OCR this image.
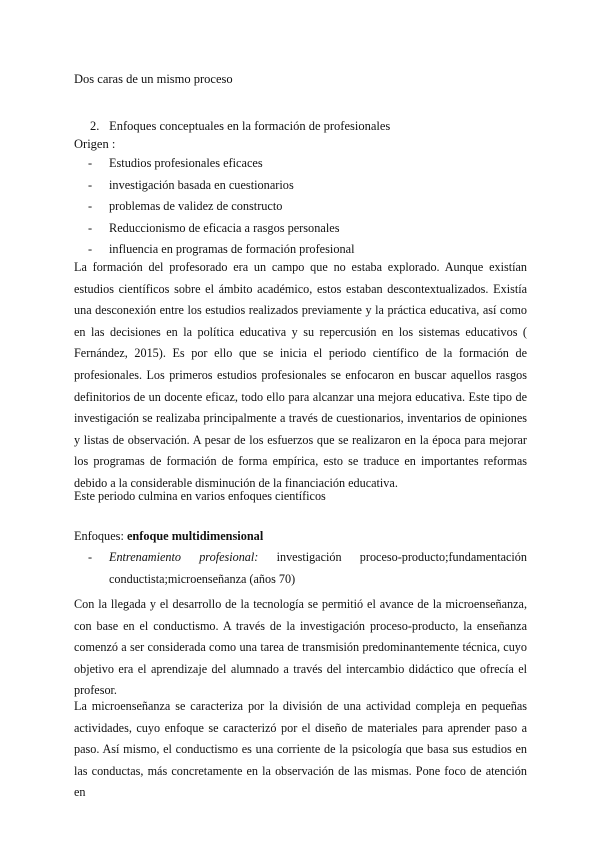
Dos caras de un mismo proceso
2. Enfoques conceptuales en la formación de profesionales
Origen :
- Estudios profesionales eficaces
- investigación basada en cuestionarios
- problemas de validez de constructo
- Reduccionismo de eficacia a rasgos personales
- influencia en programas de formación profesional

La formación del profesorado era un campo que no estaba explorado. Aunque existían estudios científicos sobre el ámbito académico, estos estaban descontextualizados. Existía una desconexión entre los estudios realizados previamente y la práctica educativa, así como en las decisiones en la política educativa y su repercusión en los sistemas educativos ( Fernández, 2015). Es por ello que se inicia el periodo científico de la formación de profesionales. Los primeros estudios profesionales se enfocaron en buscar aquellos rasgos definitorios de un docente eficaz, todo ello para alcanzar una mejora educativa. Este tipo de investigación se realizaba principalmente a través de cuestionarios, inventarios de opiniones y listas de observación. A pesar de los esfuerzos que se realizaron en la época para mejorar los programas de formación de forma empírica, esto se traduce en importantes reformas debido a la considerable disminución de la financiación educativa.

Este periodo culmina en varios enfoques científicos

Enfoques: enfoque multidimensional
- Entrenamiento profesional: investigación proceso-producto;fundamentación conductista;microenseñanza (años 70)

Con la llegada y el desarrollo de la tecnología se permitió el avance de la microenseñanza, con base en el conductismo. A través de la investigación proceso-producto, la enseñanza comenzó a ser considerada como una tarea de transmisión predominantemente técnica, cuyo objetivo era el aprendizaje del alumnado a través del intercambio didáctico que ofrecía el profesor.

La microenseñanza se caracteriza por la división de una actividad compleja en pequeñas actividades, cuyo enfoque se caracterizó por el diseño de materiales para aprender paso a paso. Así mismo, el conductismo es una corriente de la psicología que basa sus estudios en las conductas, más concretamente en la observación de las mismas. Pone foco de atención en
